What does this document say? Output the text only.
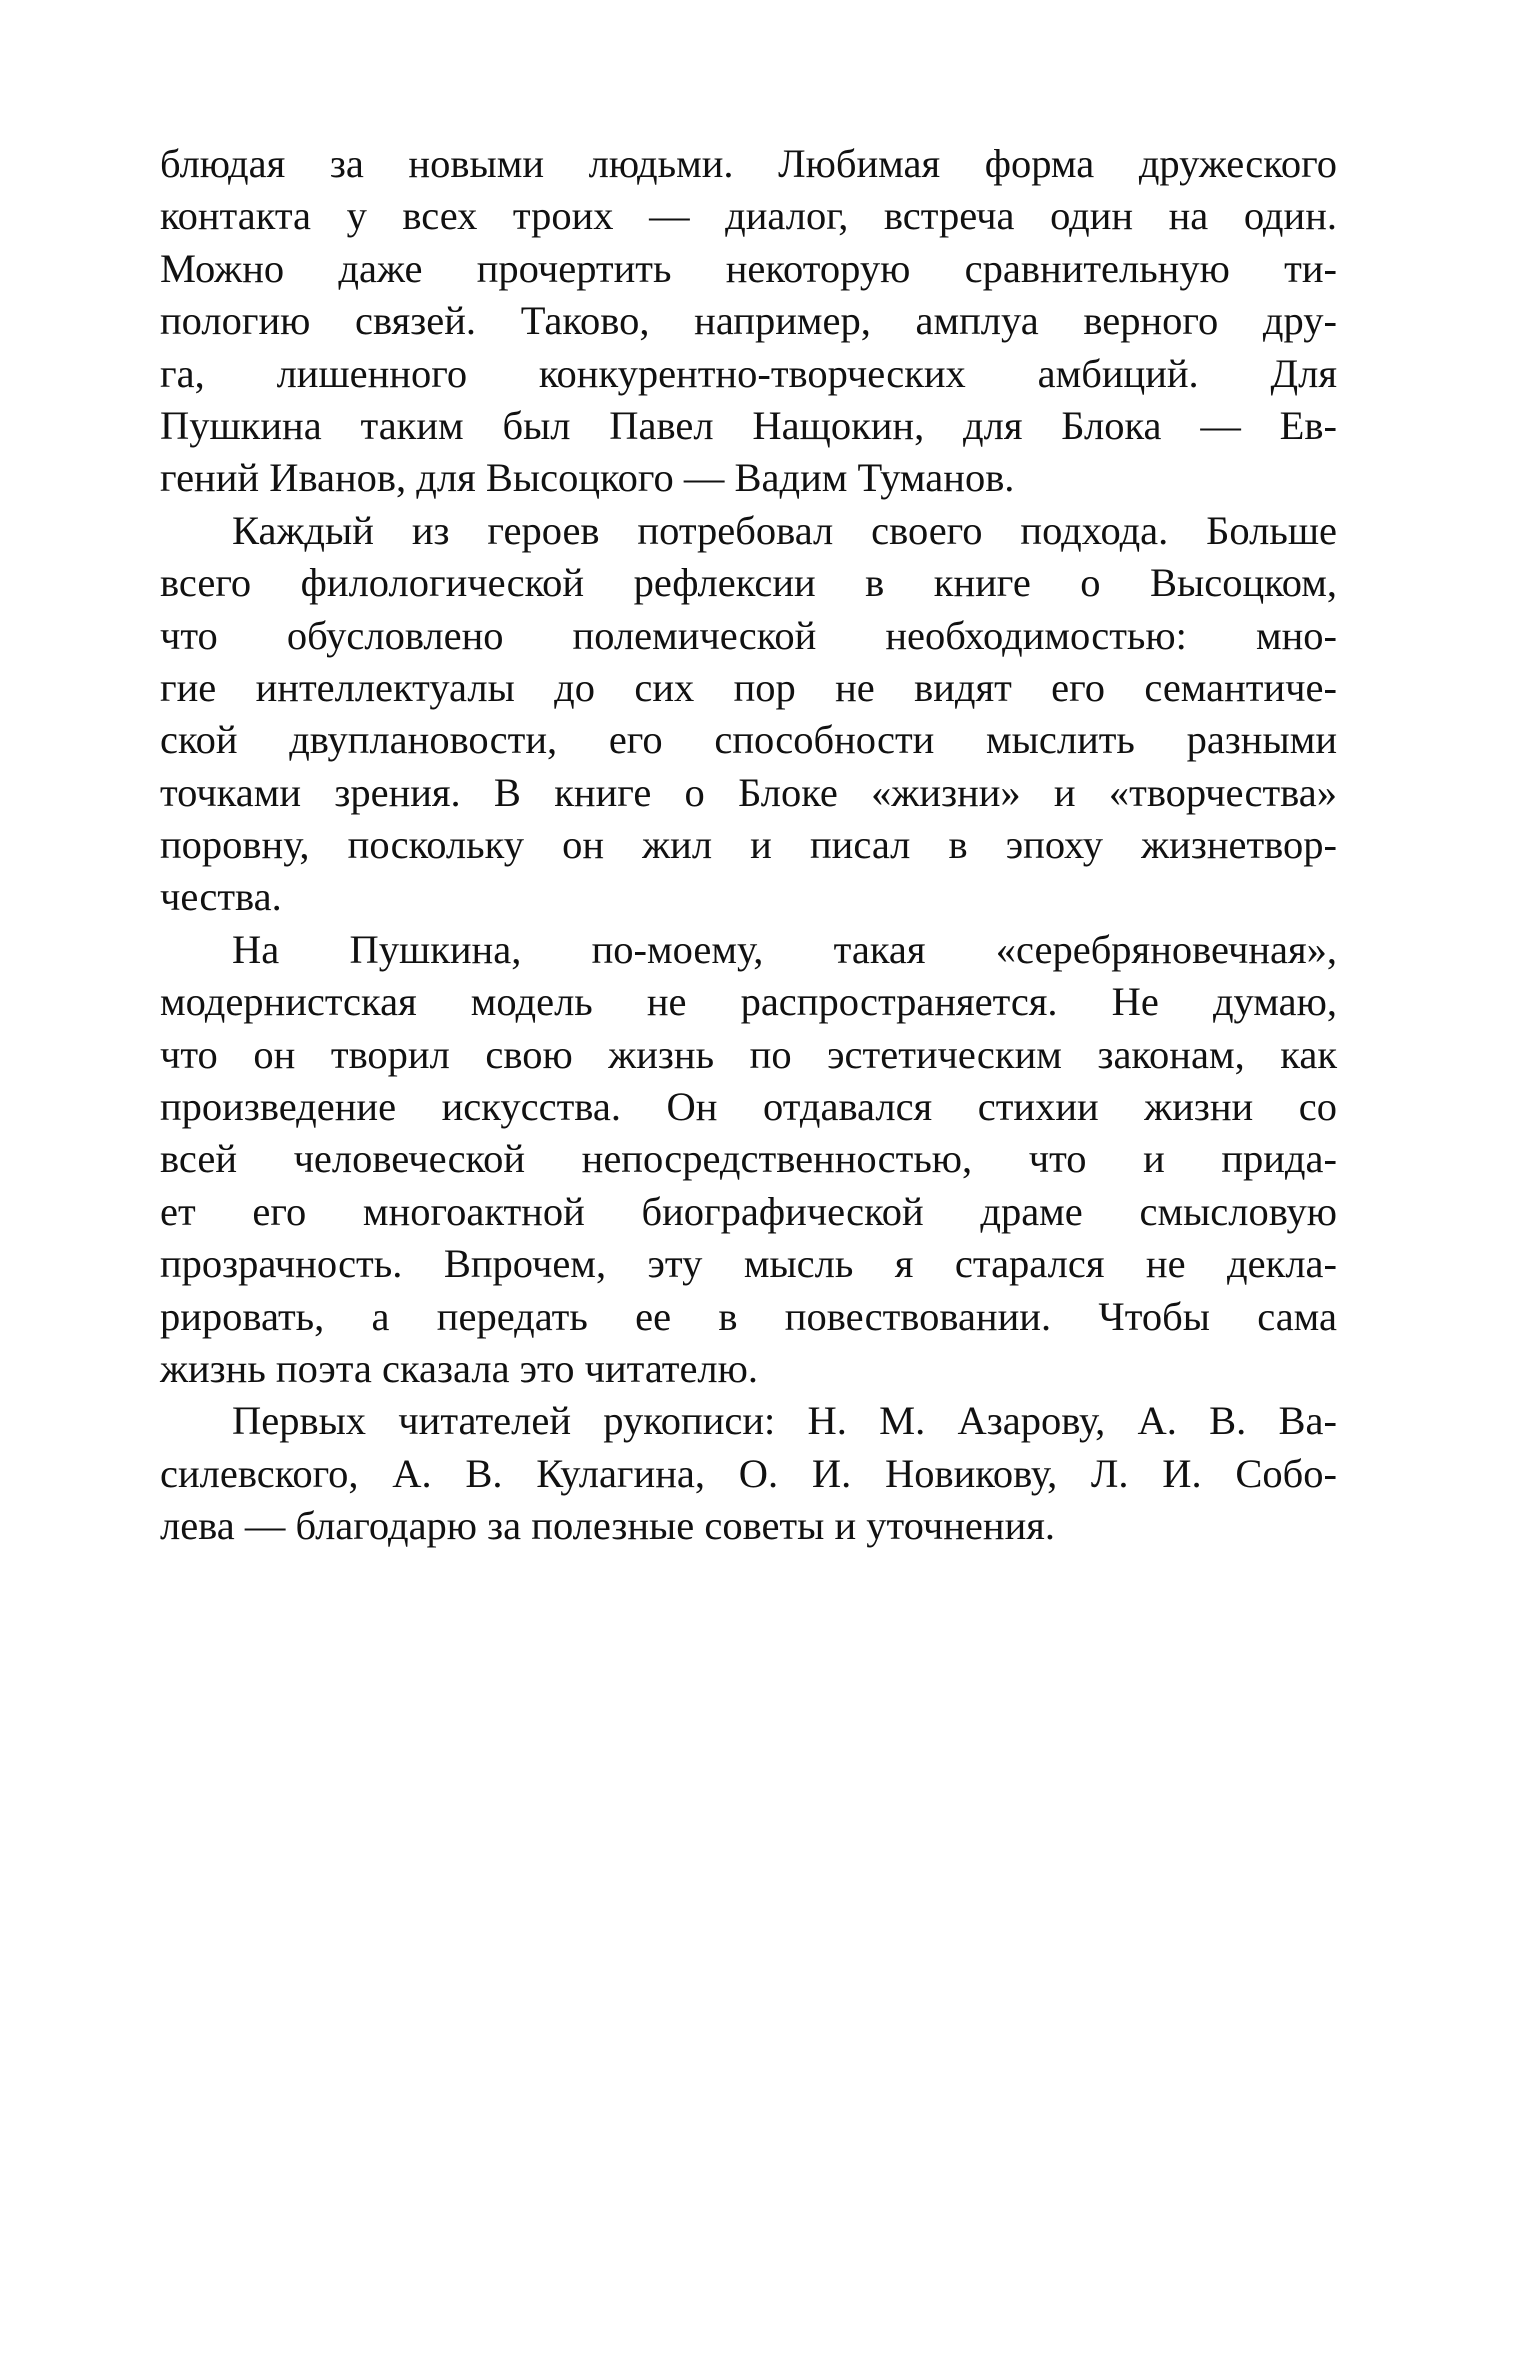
блюдая за новыми людьми. Любимая форма дружеского
контакта у всех троих — диалог, встреча один на один.
Можно даже прочертить некоторую сравнительную ти-
пологию связей. Таково, например, амплуа верного дру-
га, лишенного конкурентно-творческих амбиций. Для
Пушкина таким был Павел Нащокин, для Блока — Ев-
гений Иванов, для Высоцкого — Вадим Туманов.
Каждый из героев потребовал своего подхода. Больше
всего филологической рефлексии в книге о Высоцком,
что обусловлено полемической необходимостью: мно-
гие интеллектуалы до сих пор не видят его семантиче-
ской двуплановости, его способности мыслить разными
точками зрения. В книге о Блоке «жизни» и «творчества»
поровну, поскольку он жил и писал в эпоху жизнетвор-
чества.
На Пушкина, по-моему, такая «серебряновечная»,
модернистская модель не распространяется. Не думаю,
что он творил свою жизнь по эстетическим законам, как
произведение искусства. Он отдавался стихии жизни со
всей человеческой непосредственностью, что и прида-
ет его многоактной биографической драме смысловую
прозрачность. Впрочем, эту мысль я старался не декла-
рировать, а передать ее в повествовании. Чтобы сама
жизнь поэта сказала это читателю.
Первых читателей рукописи: Н. М. Азарову, А. В. Ва-
силевского, А. В. Кулагина, О. И. Новикову, Л. И. Собо-
лева — благодарю за полезные советы и уточнения.
